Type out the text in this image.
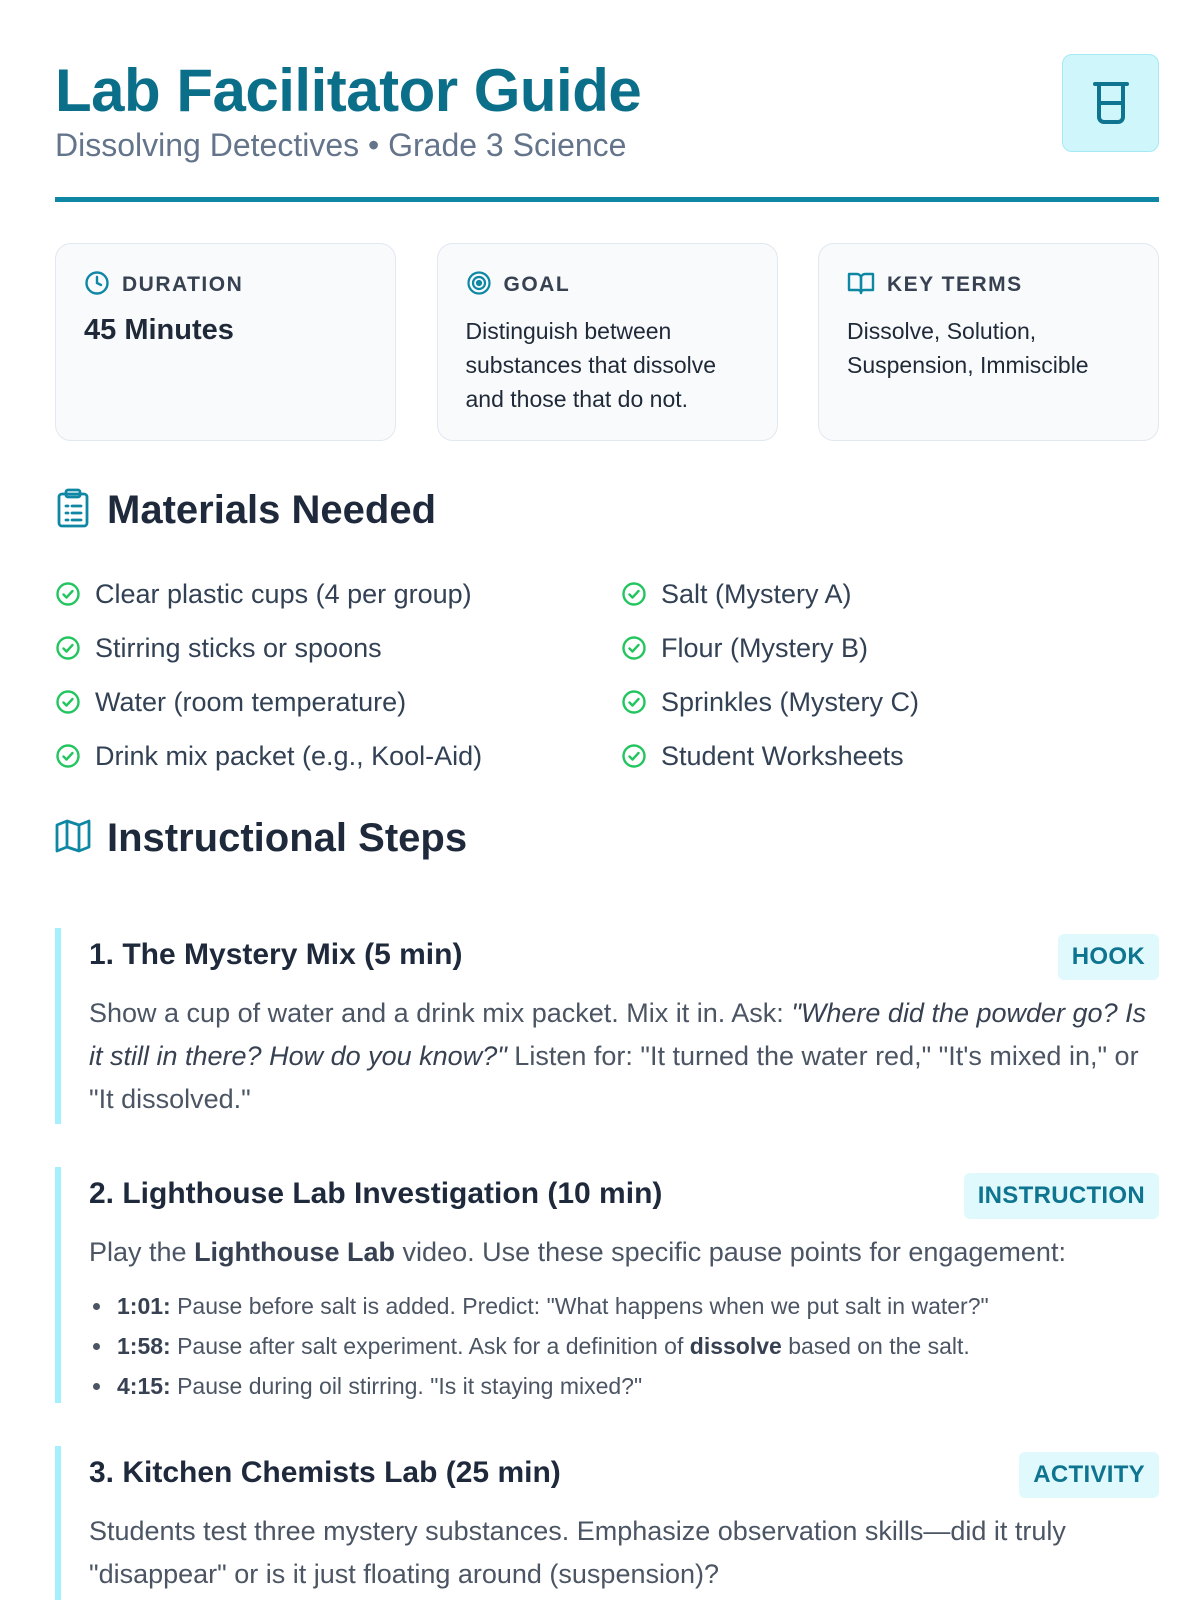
Lab Facilitator Guide
Dissolving Detectives • Grade 3 Science
DURATION
45 Minutes
GOAL
Distinguish between substances that dissolve and those that do not.
KEY TERMS
Dissolve, Solution, Suspension, Immiscible
Materials Needed
Clear plastic cups (4 per group)	Salt (Mystery A)
Stirring sticks or spoons	Flour (Mystery B)
Water (room temperature)	Sprinkles (Mystery C)
Drink mix packet (e.g., Kool-Aid)	Student Worksheets
Instructional Steps
1. The Mystery Mix (5 min)	HOOK
Show a cup of water and a drink mix packet. Mix it in. Ask: "Where did the powder go? Is it still in there? How do you know?" Listen for: "It turned the water red," "It's mixed in," or "It dissolved."
2. Lighthouse Lab Investigation (10 min)	INSTRUCTION
Play the Lighthouse Lab video. Use these specific pause points for engagement:
1:01: Pause before salt is added. Predict: "What happens when we put salt in water?"
1:58: Pause after salt experiment. Ask for a definition of dissolve based on the salt.
4:15: Pause during oil stirring. "Is it staying mixed?"
3. Kitchen Chemists Lab (25 min)	ACTIVITY
Students test three mystery substances. Emphasize observation skills—did it truly "disappear" or is it just floating around (suspension)?
